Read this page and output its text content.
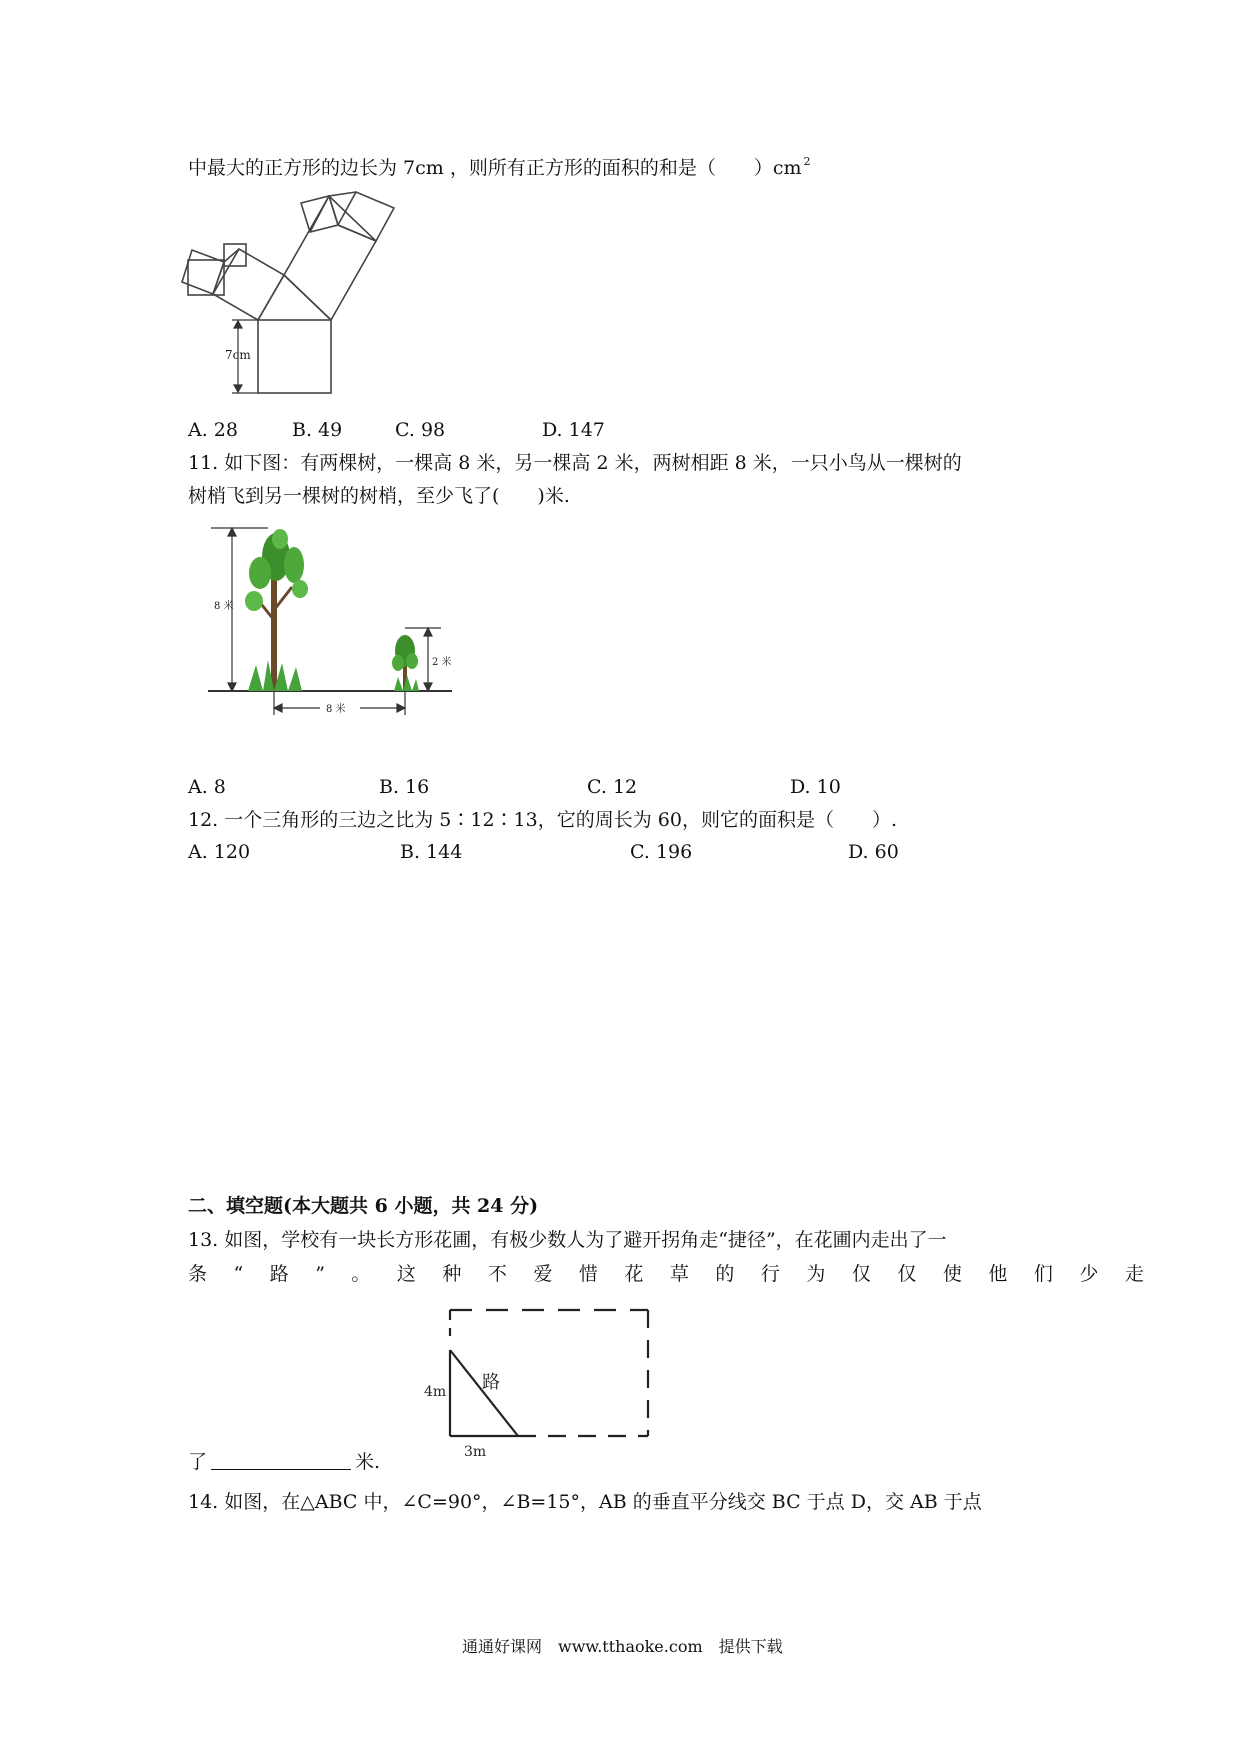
中最大的正方形的边长为 7cm ，则所有正方形的面积的和是（　　）cm $^2$
7cm
A. 28	B. 49	C. 98	D. 147
11. 如下图：有两棵树，一棵高 8 米，另一棵高 2 米，两树相距 8 米，一只小鸟从一棵树的
树梢飞到另一棵树的树梢，至少飞了(　　)米.
8 米
2 米
8 米
A. 8	B. 16	C. 12	D. 10
12. 一个三角形的三边之比为 5∶12∶13，它的周长为 60，则它的面积是（　　）.
A. 120	B. 144	C. 196	D. 60
二、填空题(本大题共 6 小题，共 24 分)
13. 如图，学校有一块长方形花圃，有极少数人为了避开拐角走“捷径”，在花圃内走出了一
条“路”。这种不爱惜花草的行为仅仅使他们少走
4m
3m
路
了	米.
14. 如图，在△ABC 中，∠C=90°，∠B=15°，AB 的垂直平分线交 BC 于点 D，交 AB 于点
通通好课网　www.tthaoke.com　提供下载
